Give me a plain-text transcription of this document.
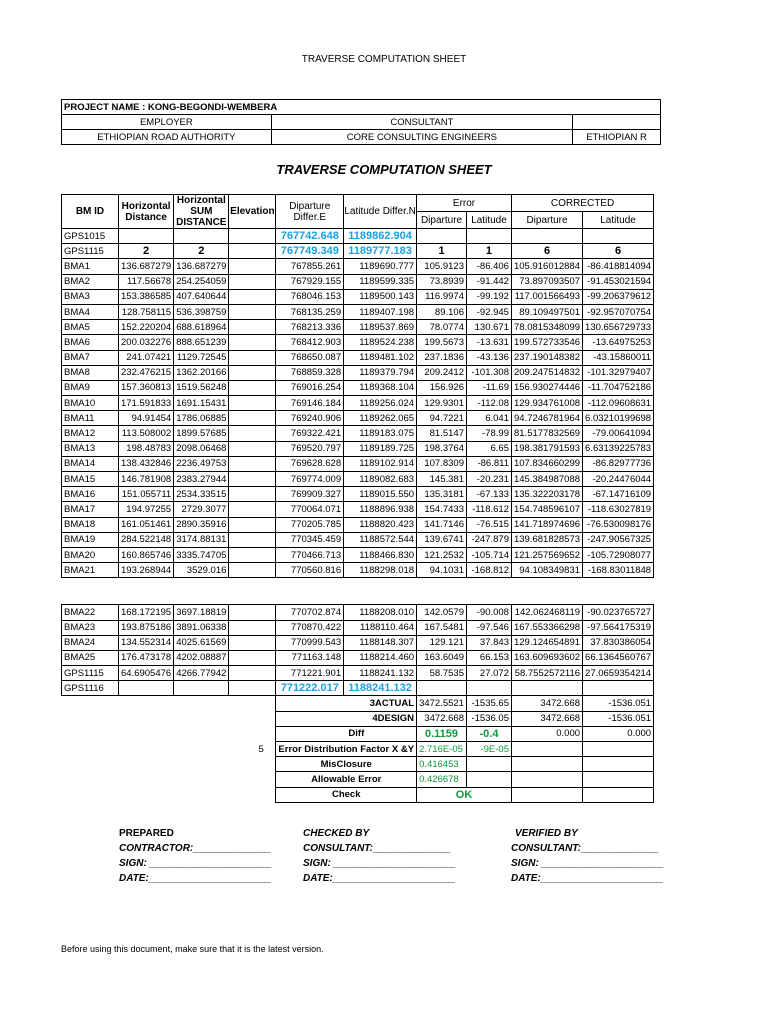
TRAVERSE COMPUTATION SHEET
PROJECT NAME : KONG-BEGONDI-WEMBERA		
EMPLOYER	CONSULTANT	
ETHIOPIAN ROAD AUTHORITY	CORE CONSULTING ENGINEERS	ETHIOPIAN R
TRAVERSE COMPUTATION SHEET
BM ID	Horizontal Distance	Horizontal SUM DISTANCE	Elevation	Diparture Differ.E	Latitude Differ.N	Error		CORRECTED	
						Diparture	Latitude	Diparture	Latitude
GPS1015				767742.648	1189862.904				
GPS1115	2	2		767749.349	1189777.183	1	1	6	6
BMA1	136.687279	136.687279		767855.261	1189690.777	105.9123	-86.406	105.916012884	-86.418814094
BMA2	117.56678	254.254059		767929.155	1189599.335	73.8939	-91.442	73.897093507	-91.453021594
BMA3	153.386585	407.640644		768046.153	1189500.143	116.9974	-99.192	117.001566493	-99.206379612
BMA4	128.758115	536.398759		768135.259	1189407.198	89.106	-92.945	89.109497501	-92.957070754
BMA5	152.220204	688.618964		768213.336	1189537.869	78.0774	130.671	78.0815348099	130.656729733
BMA6	200.032276	888.651239		768412.903	1189524.238	199.5673	-13.631	199.572733546	-13.64975253
BMA7	241.07421	1129.72545		768650.087	1189481.102	237.1836	-43.136	237.190148382	-43.15860011
BMA8	232.476215	1362.20166		768859.328	1189379.794	209.2412	-101.308	209.247514832	-101.32979407
BMA9	157.360813	1519.56248		769016.254	1189368.104	156.926	-11.69	156.930274446	-11.704752186
BMA10	171.591833	1691.15431		769146.184	1189256.024	129.9301	-112.08	129.934761008	-112.09608631
BMA11	94.91454	1786.06885		769240.906	1189262.065	94.7221	6.041	94.7246781964	6.03210199698
BMA12	113.508002	1899.57685		769322.421	1189183.075	81.5147	-78.99	81.5177832569	-79.00641094
BMA13	198.48783	2098.06468		769520.797	1189189.725	198.3764	6.65	198.381791593	6.63139225783
BMA14	138.432846	2236.49753		769628.628	1189102.914	107.8309	-86.811	107.834660299	-86.82977736
BMA15	146.781908	2383.27944		769774.009	1189082.683	145.381	-20.231	145.384987088	-20.24476044
BMA16	151.055711	2534.33515		769909.327	1189015.550	135.3181	-67.133	135.322203178	-67.14716109
BMA17	194.97255	2729.3077		770064.071	1188896.938	154.7433	-118.612	154.748596107	-118.63027819
BMA18	161.051461	2890.35916		770205.785	1188820.423	141.7146	-76.515	141.718974696	-76.530098176
BMA19	284.522148	3174.88131		770345.459	1188572.544	139.6741	-247.879	139.681828573	-247.90567325
BMA20	160.865746	3335.74705		770466.713	1188466.830	121.2532	-105.714	121.257569652	-105.72908077
BMA21	193.268944	3529.016		770560.816	1188298.018	94.1031	-168.812	94.108349831	-168.83011848

BMA22	168.172195	3697.18819		770702.874	1188208.010	142.0579	-90.008	142.062468119	-90.023765727
BMA23	193.875186	3891.06338		770870.422	1188110.464	167.5481	-97.546	167.553366298	-97.564175319
BMA24	134.552314	4025.61569		770999.543	1188148.307	129.121	37.843	129.124654891	37.830386054
BMA25	176.473178	4202.08887		771163.148	1188214.460	163.6049	66.153	163.609693602	66.1364560767
GPS1115	64.6905476	4266.77942		771221.901	1188241.132	58.7535	27.072	58.7552572116	27.0659354214
GPS1116				771222.017	1188241.132				
				3ACTUAL		3472.5521	-1535.65	3472.668	-1536.051
				4DESIGN		3472.668	-1536.05	3472.668	-1536.051
				Diff		0.1159	-0.4	0.000	0.000
			5	Error Distribution Factor X &Y		2.716E-05	-9E-05		
				MisClosure		0.416453			
				Allowable Error		0.426678			
				Check		OK			
PREPARED
CONTRACTOR:______________
SIGN: ______________________
DATE:______________________
CHECKED BY
CONSULTANT:______________
SIGN: ______________________
DATE:______________________
VERIFIED BY
CONSULTANT:______________
SIGN: ______________________
DATE:______________________
Before using this document, make sure that it is the latest version.
